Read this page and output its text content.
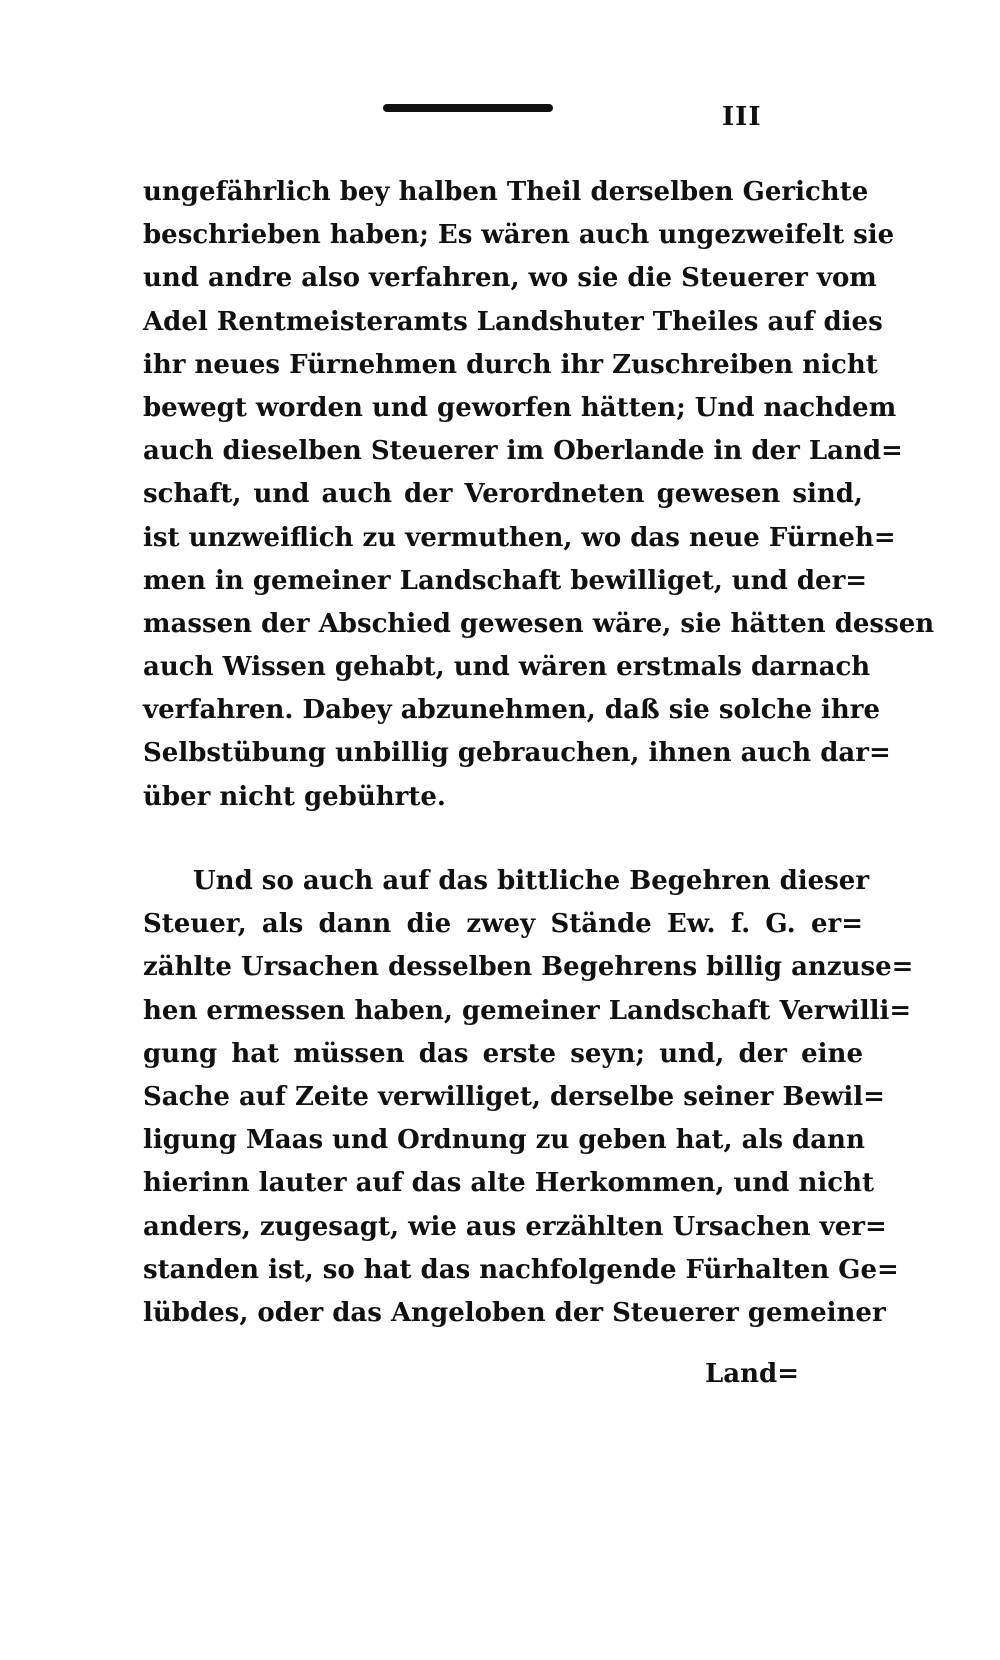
III
ungefährlich bey halben Theil derselben Gerichte
beschrieben haben; Es wären auch ungezweifelt sie
und andre also verfahren, wo sie die Steuerer vom
Adel Rentmeisteramts Landshuter Theiles auf dies
ihr neues Fürnehmen durch ihr Zuschreiben nicht
bewegt worden und geworfen hätten; Und nachdem
auch dieselben Steuerer im Oberlande in der Land=
schaft, und auch der Verordneten gewesen sind,
ist unzweiflich zu vermuthen, wo das neue Fürneh=
men in gemeiner Landschaft bewilliget, und der=
massen der Abschied gewesen wäre, sie hätten dessen
auch Wissen gehabt, und wären erstmals darnach
verfahren. Dabey abzunehmen, daß sie solche ihre
Selbstübung unbillig gebrauchen, ihnen auch dar=
über nicht gebührte.
Und so auch auf das bittliche Begehren dieser
Steuer, als dann die zwey Stände Ew. f. G. er=
zählte Ursachen desselben Begehrens billig anzuse=
hen ermessen haben, gemeiner Landschaft Verwilli=
gung hat müssen das erste seyn; und, der eine
Sache auf Zeite verwilliget, derselbe seiner Bewil=
ligung Maas und Ordnung zu geben hat, als dann
hierinn lauter auf das alte Herkommen, und nicht
anders, zugesagt, wie aus erzählten Ursachen ver=
standen ist, so hat das nachfolgende Fürhalten Ge=
lübdes, oder das Angeloben der Steuerer gemeiner
Land=
